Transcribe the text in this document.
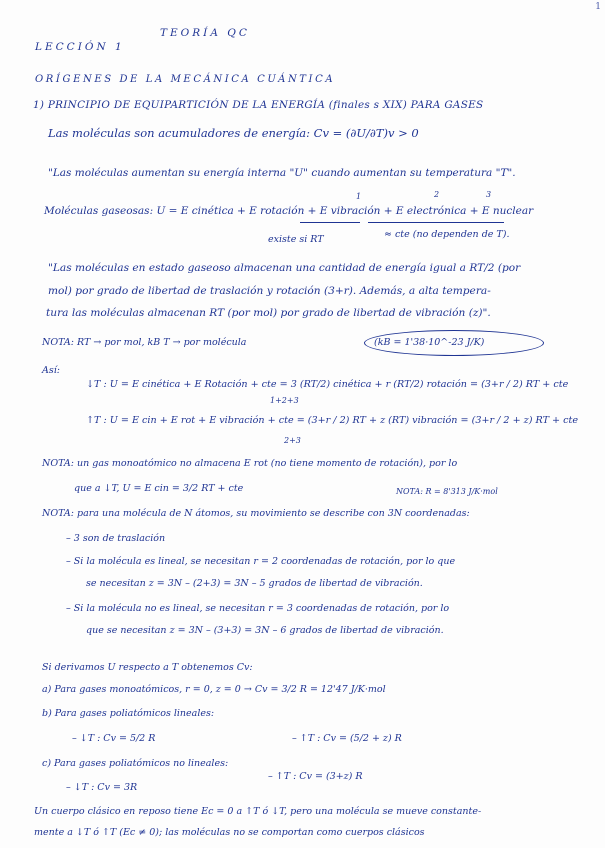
1
TEORÍA QC
LECCIÓN 1
ORÍGENES DE LA MECÁNICA CUÁNTICA
1) PRINCIPIO DE EQUIPARTICIÓN DE LA ENERGÍA (finales s XIX) PARA GASES
Las moléculas son acumuladores de energía: Cv = (∂U/∂T)v > 0
"Las moléculas aumentan su energía interna "U" cuando aumentan su temperatura "T".
Moléculas gaseosas: U = E cinética + E rotación + E vibración + E electrónica + E nuclear
1	2	3
existe si RT	≈ cte (no dependen de T).
"Las moléculas en estado gaseoso almacenan una cantidad de energía igual a RT/2 (por
mol) por grado de libertad de traslación y rotación (3+r). Además, a alta tempera-
tura las moléculas almacenan RT (por mol) por grado de libertad de vibración (z)".
NOTA: RT → por mol, kB T → por molécula	(kB = 1'38·10^-23 J/K)
Así:
↓T : U = E cinética + E Rotación + cte = 3 (RT/2) cinética + r (RT/2) rotación = (3+r / 2) RT + cte
1+2+3
↑T : U = E cin + E rot + E vibración + cte = (3+r / 2) RT + z (RT) vibración = (3+r / 2 + z) RT + cte
2+3
NOTA: un gas monoatómico no almacena E rot (no tiene momento de rotación), por lo
que a ↓T, U = E cin = 3/2 RT + cte	NOTA: R = 8'313 J/K·mol
NOTA: para una molécula de N átomos, su movimiento se describe con 3N coordenadas:
– 3 son de traslación
– Si la molécula es lineal, se necesitan r = 2 coordenadas de rotación, por lo que
se necesitan z = 3N – (2+3) = 3N – 5 grados de libertad de vibración.
– Si la molécula no es lineal, se necesitan r = 3 coordenadas de rotación, por lo
que se necesitan z = 3N – (3+3) = 3N – 6 grados de libertad de vibración.
Si derivamos U respecto a T obtenemos Cv:
a) Para gases monoatómicos, r = 0, z = 0 → Cv = 3/2 R = 12'47 J/K·mol
b) Para gases poliatómicos lineales:
– ↓T : Cv = 5/2 R	– ↑T : Cv = (5/2 + z) R
c) Para gases poliatómicos no lineales:
– ↓T : Cv = 3R
– ↑T : Cv = (3+z) R
Un cuerpo clásico en reposo tiene Ec = 0 a ↑T ó ↓T, pero una molécula se mueve constante-
mente a ↓T ó ↑T (Ec ≠ 0); las moléculas no se comportan como cuerpos clásicos
